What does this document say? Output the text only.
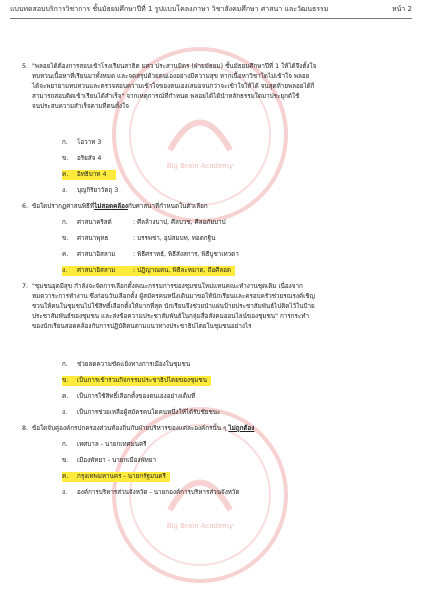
Big Brain Academy
Big Brain Academy
แบบทดสอบบริการวิชาการ ชั้นมัธยมศึกษาปีที่ 1 รูปแบบโคลงภาษา วิชาสังคมศึกษา ศาสนา และวัฒนธรรม	หน้า 2
5. "พลอยได้ต้องการสอบเข้าโรงเรียนสาธิต มศว ประสานมิตร (ฝ่ายมัธยม) ชั้นมัธยมศึกษาปีที่ 1 ให้ได้จึงตั้งใจ

ทบทวนเนื้อหาที่เรียนมาทั้งหมด และจดสรุปด้วยตนเองอย่างมีความสุข หากเนื้อหาวิชาใดไม่เข้าใจ พลอย

ได้จะพยายามทบทวนและตรวจสอบความเข้าใจของตนเองเสมอจนกว่าจะเข้าใจให้ได้ จนสุดท้ายพลอยได้ก็

สามารถสอบติดเข้าเรียนได้สำเร็จ" จากเหตุการณ์ที่กำหนด พลอยได้ได้นำหลักธรรมใดมาประยุกต์ใช้

จนประสบความสำเร็จตามที่ตนตั้งใจ

ก. โอวาท 3
ข. อริยสัจ 4
ค. อิทธิบาท 4
ง. บุญกิริยาวัตถุ 3
6. ข้อใดปรากฏศาสนพิธีที่ไม่สอดคล้องกับศาสนาที่กำหนดในตัวเลือก

ก. ศาสนาคริสต์	: ศีลล้างบาป, ศีลบวช, ศีลอภัยบาป
ข. ศาสนาพุทธ	: บรรพชา, อุปสมบท, ทอดกฐิน
ค. ศาสนาอิสลาม	: พิธีศราทธ์, พิธีสังสการ, พิธีบูชาเทวดา
ง. ศาสนาอิสลาม	: ปฏิญาณตน, พิธีละหมาด, ถือศีลอด
7. "ชุมชนอุดมีสุข กำลังจะจัดการเลือกตั้งคณะกรรมการของชุมชนใหม่แทนคณะทำงานชุดเดิม เนื่องจาก

หมดวาระการทำงาน ซึ่งก่อนวันเลือกตั้ง ผู้สมัครคนหนึ่งเดินมาขอให้นักเรียนและครอบครัวช่วยรณรงค์เชิญ

ชวนให้คนในชุมชนไปใช้สิทธิ์เลือกตั้งให้มากที่สุด นักเรียนจึงช่วยนำแผ่นป้ายประชาสัมพันธ์ไปติดไว้ในป้าย

ประชาสัมพันธ์ของชุมชน และส่งข้อความประชาสัมพันธ์ในกลุ่มสื่อสังคมออนไลน์ของชุมชน" การกระทำ

ของนักเรียนสอดคล้องกับการปฏิบัติตนตามแนวทางประชาธิปไตยในชุมชนอย่างไร

ก. ช่วยลดความขัดแย้งทางการเมืองในชุมชน
ข. เป็นการเข้าร่วมกิจกรรมประชาธิปไตยของชุมชน
ค. เป็นการใช้สิทธิ์เลือกตั้งของตนเองอย่างเต็มที่
ง. เป็นการช่วยเหลือผู้สมัครคนใดคนหนึ่งให้ได้รับชัยชนะ
8. ข้อใดจับคู่องค์กรปกครองส่วนท้องถิ่นกับฝ่ายบริหารของแต่ละองค์กรนั้น ๆ ไม่ถูกต้อง

ก. เทศบาล - นายกเทศมนตรี
ข. เมืองพัทยา - นายกเมืองพัทยา
ค. กรุงเทพมหานคร - นายกรัฐมนตรี
ง. องค์การบริหารส่วนจังหวัด - นายกองค์การบริหารส่วนจังหวัด
